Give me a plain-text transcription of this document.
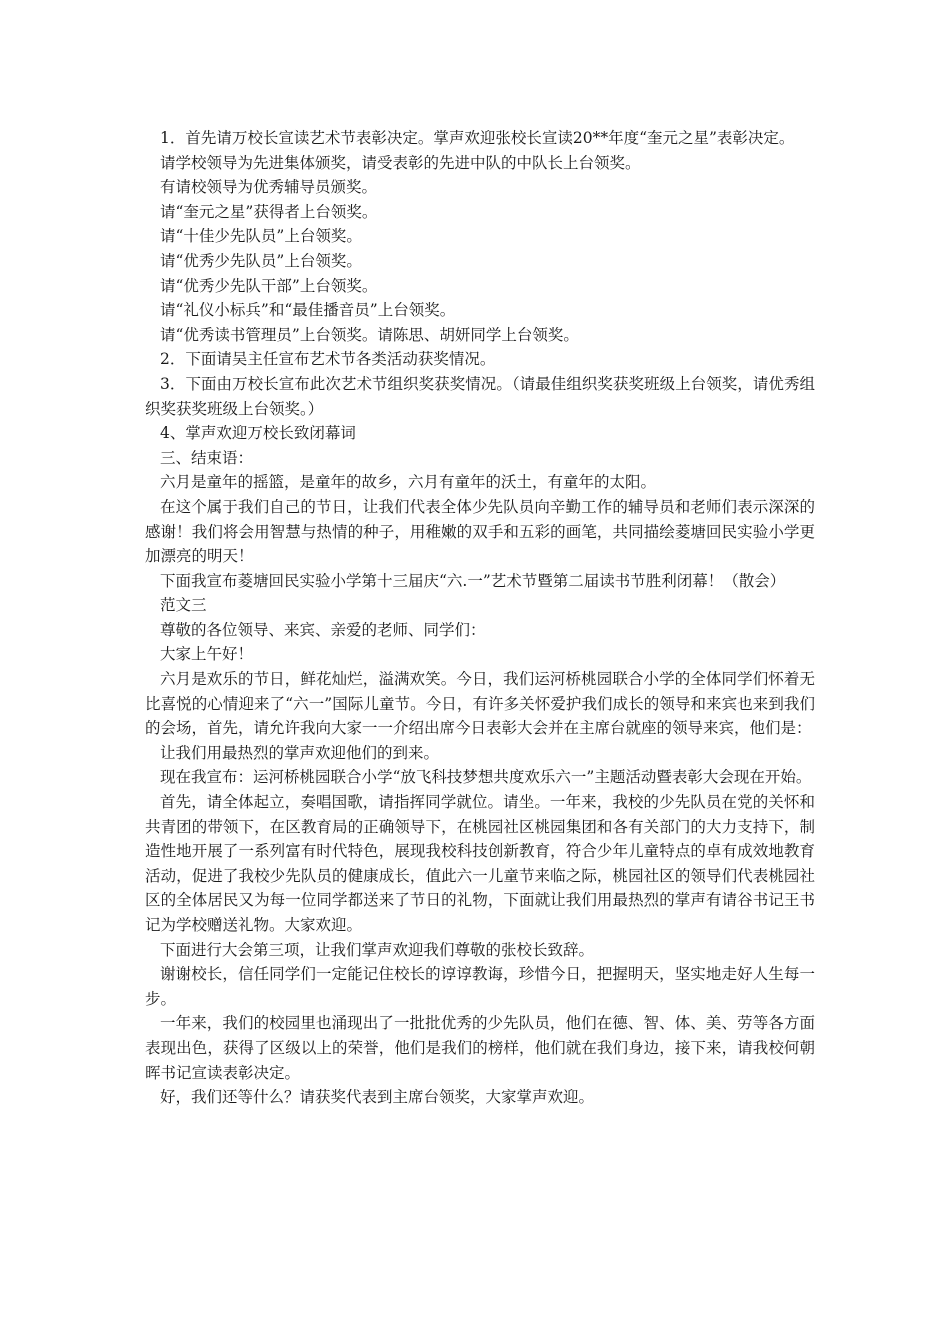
1．首先请万校长宣读艺术节表彰决定。掌声欢迎张校长宣读20**年度“奎元之星”表彰决定。

请学校领导为先进集体颁奖，请受表彰的先进中队的中队长上台领奖。

有请校领导为优秀辅导员颁奖。

请“奎元之星”获得者上台领奖。

请“十佳少先队员”上台领奖。

请“优秀少先队员”上台领奖。

请“优秀少先队干部”上台领奖。

请“礼仪小标兵”和“最佳播音员”上台领奖。

请“优秀读书管理员”上台领奖。请陈思、胡妍同学上台领奖。

2．下面请吴主任宣布艺术节各类活动获奖情况。

3．下面由万校长宣布此次艺术节组织奖获奖情况。（请最佳组织奖获奖班级上台领奖，请优秀组织奖获奖班级上台领奖。）

4、掌声欢迎万校长致闭幕词

三、结束语：

六月是童年的摇篮，是童年的故乡，六月有童年的沃土，有童年的太阳。

在这个属于我们自己的节日，让我们代表全体少先队员向辛勤工作的辅导员和老师们表示深深的感谢！我们将会用智慧与热情的种子，用稚嫩的双手和五彩的画笔，共同描绘菱塘回民实验小学更加漂亮的明天！

下面我宣布菱塘回民实验小学第十三届庆“六.一”艺术节暨第二届读书节胜利闭幕！（散会）

范文三

尊敬的各位领导、来宾、亲爱的老师、同学们：

大家上午好！

六月是欢乐的节日，鲜花灿烂，溢满欢笑。今日，我们运河桥桃园联合小学的全体同学们怀着无比喜悦的心情迎来了“六一”国际儿童节。今日，有许多关怀爱护我们成长的领导和来宾也来到我们的会场，首先，请允许我向大家一一介绍出席今日表彰大会并在主席台就座的领导来宾，他们是：

让我们用最热烈的掌声欢迎他们的到来。

现在我宣布：运河桥桃园联合小学“放飞科技梦想共度欢乐六一”主题活动暨表彰大会现在开始。

首先，请全体起立，奏唱国歌，请指挥同学就位。请坐。一年来，我校的少先队员在党的关怀和共青团的带领下，在区教育局的正确领导下，在桃园社区桃园集团和各有关部门的大力支持下，制造性地开展了一系列富有时代特色，展现我校科技创新教育，符合少年儿童特点的卓有成效地教育活动，促进了我校少先队员的健康成长，值此六一儿童节来临之际，桃园社区的领导们代表桃园社区的全体居民又为每一位同学都送来了节日的礼物，下面就让我们用最热烈的掌声有请谷书记王书记为学校赠送礼物。大家欢迎。

下面进行大会第三项，让我们掌声欢迎我们尊敬的张校长致辞。

谢谢校长，信任同学们一定能记住校长的谆谆教诲，珍惜今日，把握明天，坚实地走好人生每一步。

一年来，我们的校园里也涌现出了一批批优秀的少先队员，他们在德、智、体、美、劳等各方面表现出色，获得了区级以上的荣誉，他们是我们的榜样，他们就在我们身边，接下来，请我校何朝晖书记宣读表彰决定。

好，我们还等什么？请获奖代表到主席台领奖，大家掌声欢迎。
